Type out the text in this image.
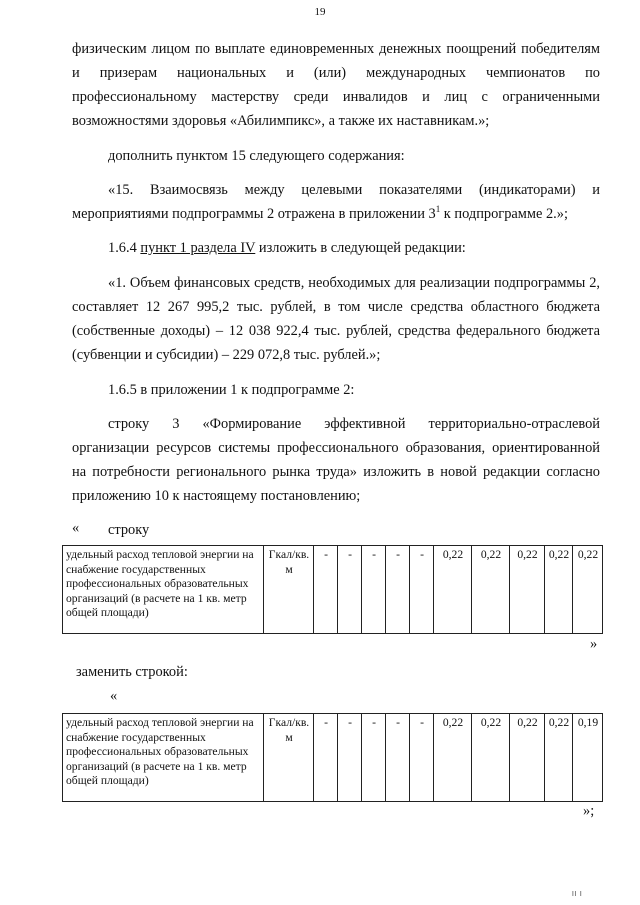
19

физическим лицом по выплате единовременных денежных поощрений победителям и призерам национальных и (или) международных чемпионатов по профессиональному мастерству среди инвалидов и лиц с ограниченными возможностями здоровья «Абилимпикс», а также их наставникам.»;

дополнить пунктом 15 следующего содержания:

«15. Взаимосвязь между целевыми показателями (индикаторами) и мероприятиями подпрограммы 2 отражена в приложении $3^1$ к подпрограмме 2.»;

1.6.4 пункт 1 раздела IV изложить в следующей редакции:

«1. Объем финансовых средств, необходимых для реализации подпрограммы 2, составляет 12 267 995,2 тыс. рублей, в том числе средства областного бюджета (собственные доходы) – 12 038 922,4 тыс. рублей, средства федерального бюджета (субвенции и субсидии) – 229 072,8 тыс. рублей.»;

1.6.5 в приложении 1 к подпрограмме 2:

строку 3 «Формирование эффективной территориально-отраслевой организации ресурсов системы профессионального образования, ориентированной на потребности регионального рынка труда» изложить в новой редакции согласно приложению 10 к настоящему постановлению;

строку

«
удельный расход тепловой энергии на снабжение государственных профессиональных образовательных организаций (в расчете на 1 кв. метр общей площади)	Гкал/кв. м	-	-	-	-	-	0,22	0,22	0,22	0,22	0,22
»

заменить строкой:

«
удельный расход тепловой энергии на снабжение государственных профессиональных образовательных организаций (в расчете на 1 кв. метр общей площади)	Гкал/кв. м	-	-	-	-	-	0,22	0,22	0,22	0,22	0,19
»;
ıı ı
